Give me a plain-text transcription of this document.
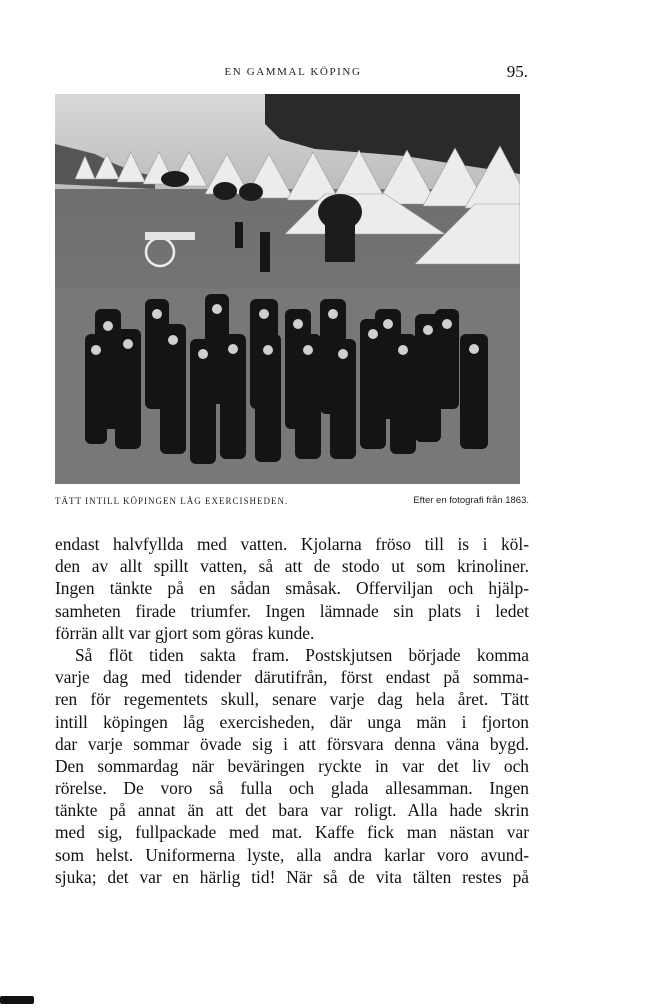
EN GAMMAL KÖPING	95.
TÄTT INTILL KÖPINGEN LÅG EXERCISHEDEN.	Efter en fotografi från 1863.
endast halvfyllda med vatten. Kjolarna fröso till is i köl-
den av allt spillt vatten, så att de stodo ut som krinoliner.
Ingen tänkte på en sådan småsak. Offerviljan och hjälp-
samheten firade triumfer. Ingen lämnade sin plats i ledet
förrän allt var gjort som göras kunde.
Så flöt tiden sakta fram. Postskjutsen började komma
varje dag med tidender därutifrån, först endast på somma-
ren för regementets skull, senare varje dag hela året. Tätt
intill köpingen låg exercisheden, där unga män i fjorton
dar varje sommar övade sig i att försvara denna väna bygd.
Den sommardag när beväringen ryckte in var det liv och
rörelse. De voro så fulla och glada allesamman. Ingen
tänkte på annat än att det bara var roligt. Alla hade skrin
med sig, fullpackade med mat. Kaffe fick man nästan var
som helst. Uniformerna lyste, alla andra karlar voro avund-
sjuka; det var en härlig tid! När så de vita tälten restes på
